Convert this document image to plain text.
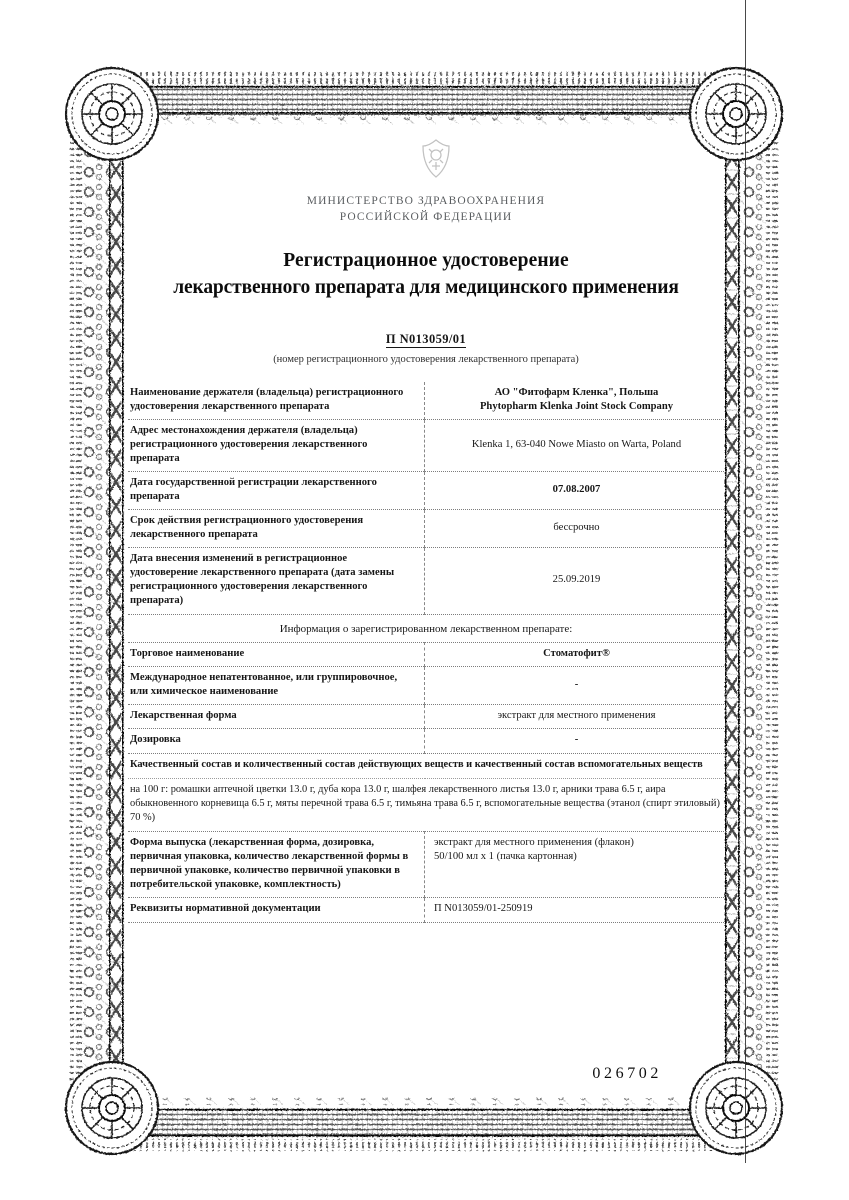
МИНИСТЕРСТВО ЗДРАВООХРАНЕНИЯ
РОССИЙСКОЙ ФЕДЕРАЦИИ
Регистрационное удостоверение
лекарственного препарата для медицинского применения
П N013059/01
(номер регистрационного удостоверения лекарственного препарата)
Наименование держателя (владельца) регистрационного удостоверения лекарственного препарата	АО "Фитофарм Кленка", Польша
Phytopharm Klenka Joint Stock Company

Адрес местонахождения держателя (владельца) регистрационного удостоверения лекарственного препарата	Klenka 1, 63-040 Nowe Miasto on Warta, Poland
Дата государственной регистрации лекарственного препарата	07.08.2007
Срок действия регистрационного удостоверения лекарственного препарата	бессрочно
Дата внесения изменений в регистрационное удостоверение лекарственного препарата (дата замены регистрационного удостоверения лекарственного препарата)	25.09.2019
Информация о зарегистрированном лекарственном препарате:	
Торговое наименование	Стоматофит®
Международное непатентованное, или группировочное, или химическое наименование	-
Лекарственная форма	экстракт для местного применения
Дозировка	-
Качественный состав и количественный состав действующих веществ и качественный состав вспомогательных веществ	
на 100 г: ромашки аптечной цветки 13.0 г, дуба кора 13.0 г, шалфея лекарственного листья 13.0 г, арники трава 6.5 г, аира обыкновенного корневища 6.5 г, мяты перечной трава 6.5 г, тимьяна трава 6.5 г, вспомогательные вещества (этанол (спирт этиловый) 70 %)	
Форма выпуска (лекарственная форма, дозировка, первичная упаковка, количество лекарственной формы в первичной упаковке, количество первичной упаковки в потребительской упаковке, комплектность)	экстракт для местного применения (флакон)
50/100 мл х 1 (пачка картонная)

Реквизиты нормативной документации	П N013059/01-250919
026702
